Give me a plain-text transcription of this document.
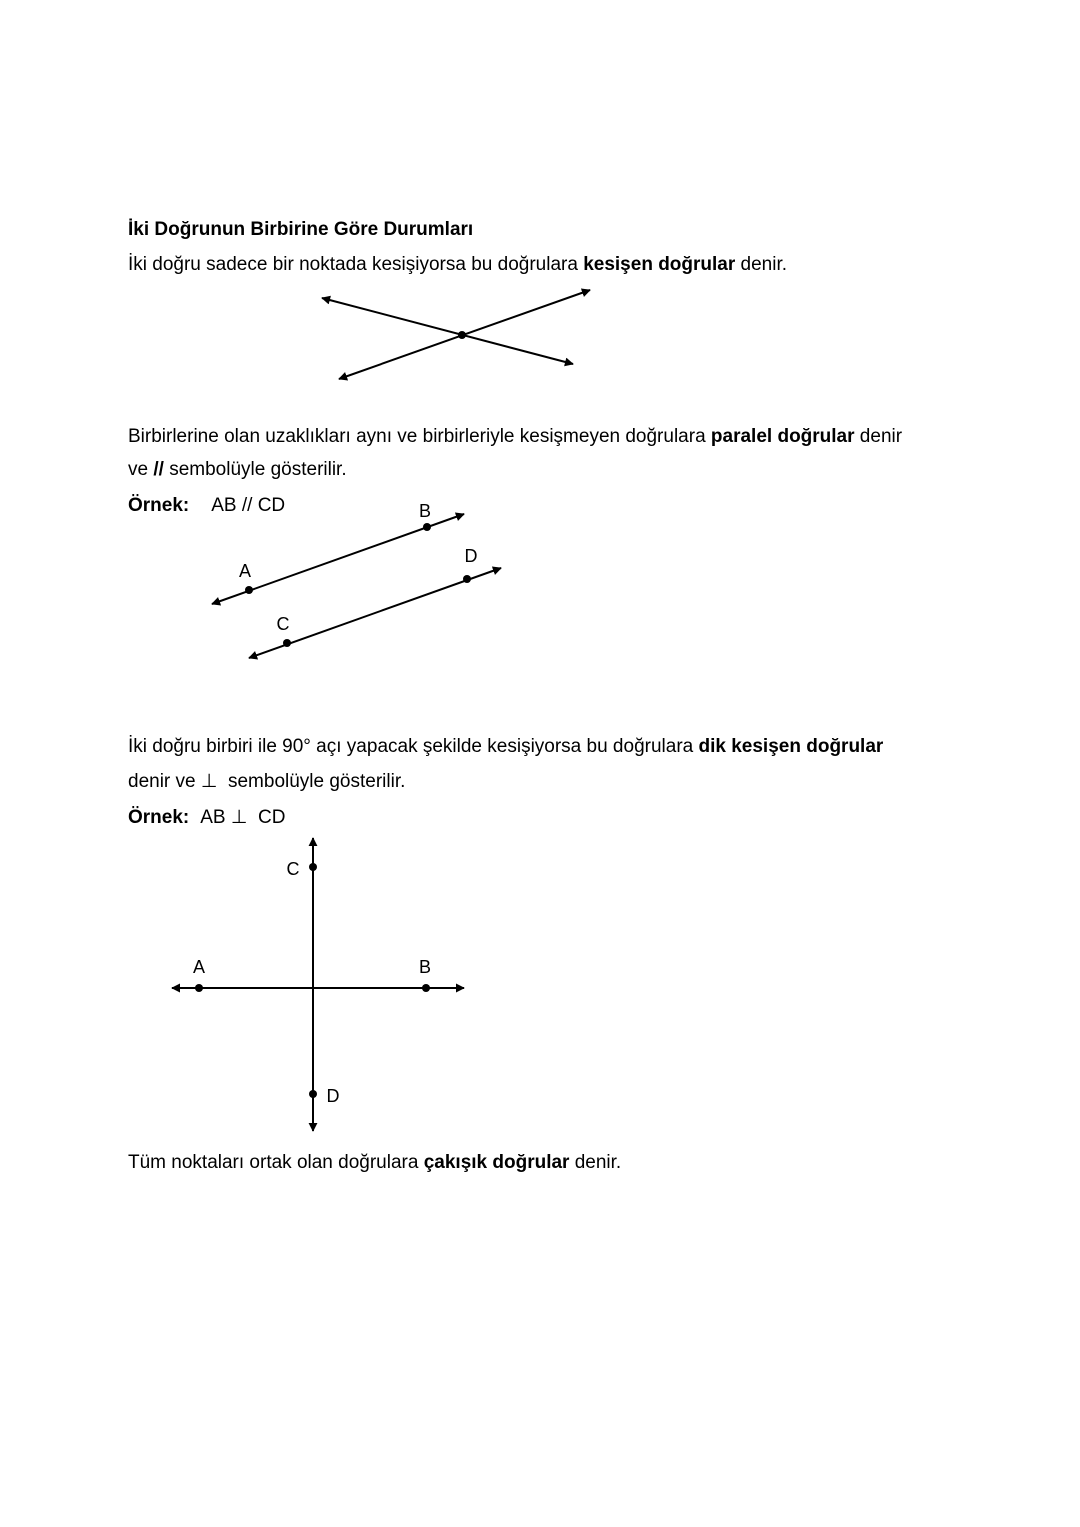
İki Doğrunun Birbirine Göre Durumları
İki doğru sadece bir noktada kesişiyorsa bu doğrulara kesişen doğrular denir.
Birbirlerine olan uzaklıkları aynı ve birbirleriyle kesişmeyen doğrulara paralel doğrular denir
ve // sembolüyle gösterilir.
Örnek: AB // CD
A
B
C
D
İki doğru birbiri ile 90° açı yapacak şekilde kesişiyorsa bu doğrulara dik kesişen doğrular
denir ve ⊥  sembolüyle gösterilir.
Örnek: AB ⊥  CD
A	B
C
D
Tüm noktaları ortak olan doğrulara çakışık doğrular denir.
